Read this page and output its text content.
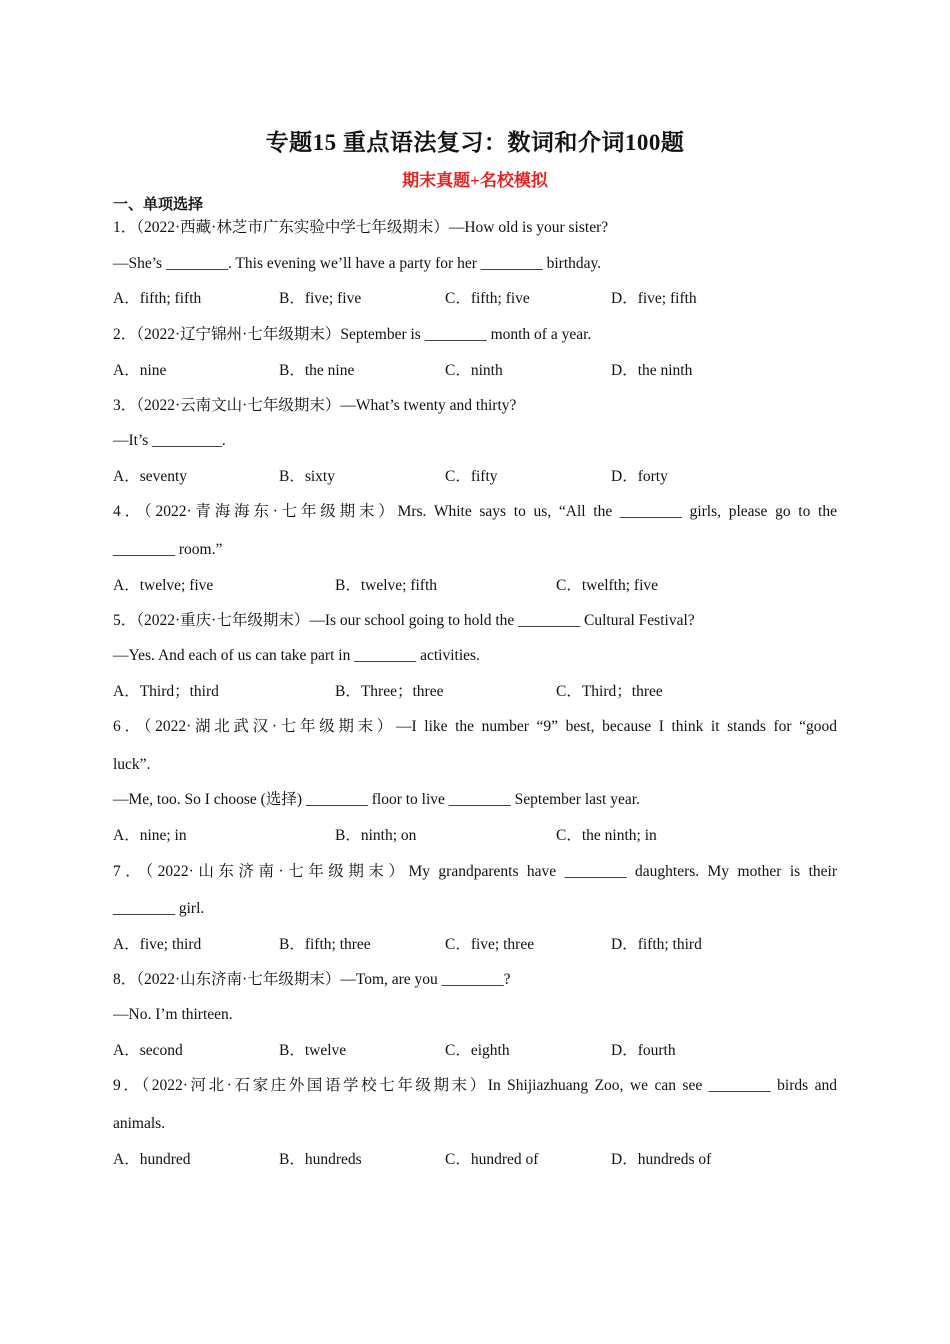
专题15 重点语法复习：数词和介词100题
期末真题+名校模拟
一、单项选择
1．（2022·西藏·林芝市广东实验中学七年级期末）—How old is your sister?
—She’s ________. This evening we’ll have a party for her ________ birthday.
A．fifth; fifth	B．five; five	C．fifth; five	D．five; fifth
2．（2022·辽宁锦州·七年级期末）September is ________ month of a year.
A．nine	B．the nine	C．ninth	D．the ninth
3．（2022·云南文山·七年级期末）—What’s twenty and thirty?
—It’s _________.
A．seventy	B．sixty	C．fifty	D．forty
4．（2022·青海海东·七年级期末）Mrs. White says to us, “All the ________ girls, please go to the
________ room.”
A．twelve; five	B．twelve; fifth	C．twelfth; five
5．（2022·重庆·七年级期末）—Is our school going to hold the ________ Cultural Festival?
—Yes. And each of us can take part in ________ activities.
A．Third；third	B．Three；three	C．Third；three
6．（2022·湖北武汉·七年级期末）—I like the number “9” best, because I think it stands for “good
luck”.
—Me, too. So I choose (选择) ________ floor to live ________ September last year.
A．nine; in	B．ninth; on	C．the ninth; in
7．（2022·山东济南·七年级期末）My grandparents have ________ daughters. My mother is their
________ girl.
A．five; third	B．fifth; three	C．five; three	D．fifth; third
8．（2022·山东济南·七年级期末）—Tom, are you ________?
—No. I’m thirteen.
A．second	B．twelve	C．eighth	D．fourth
9．（2022·河北·石家庄外国语学校七年级期末）In Shijiazhuang Zoo, we can see ________ birds and
animals.
A．hundred	B．hundreds	C．hundred of	D．hundreds of
